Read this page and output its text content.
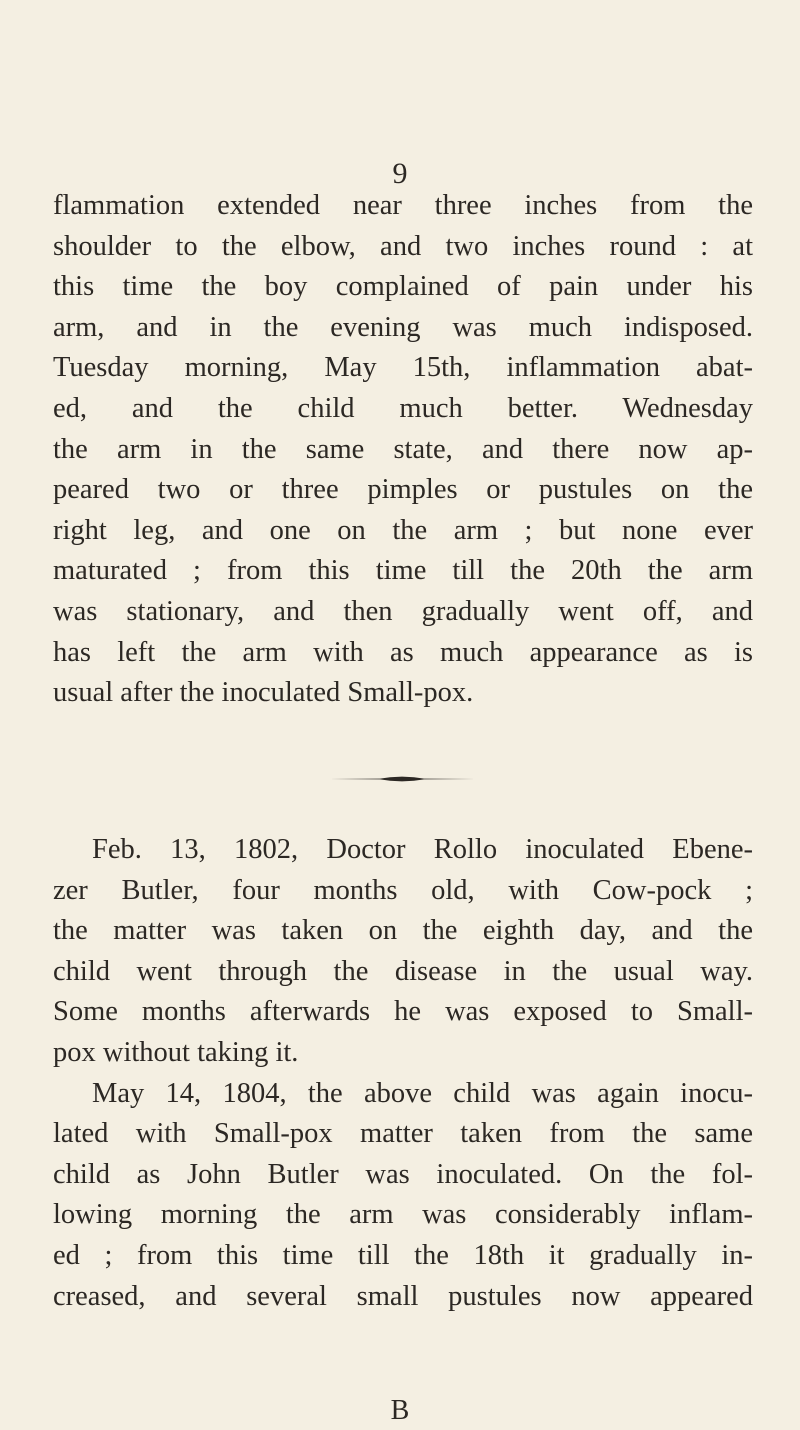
9
flammation extended near three inches from the
shoulder to the elbow, and two inches round : at
this time the boy complained of pain under his
arm, and in the evening was much indisposed.
Tuesday morning, May 15th, inflammation abat-
ed, and the child much better. Wednesday
the arm in the same state, and there now ap-
peared two or three pimples or pustules on the
right leg, and one on the arm ; but none ever
maturated ; from this time till the 20th the arm
was stationary, and then gradually went off, and
has left the arm with as much appearance as is
usual after the inoculated Small-pox.
Feb. 13, 1802, Doctor Rollo inoculated Ebene-
zer Butler, four months old, with Cow-pock ;
the matter was taken on the eighth day, and the
child went through the disease in the usual way.
Some months afterwards he was exposed to Small-
pox without taking it.
May 14, 1804, the above child was again inocu-
lated with Small-pox matter taken from the same
child as John Butler was inoculated. On the fol-
lowing morning the arm was considerably inflam-
ed ; from this time till the 18th it gradually in-
creased, and several small pustules now appeared
B
